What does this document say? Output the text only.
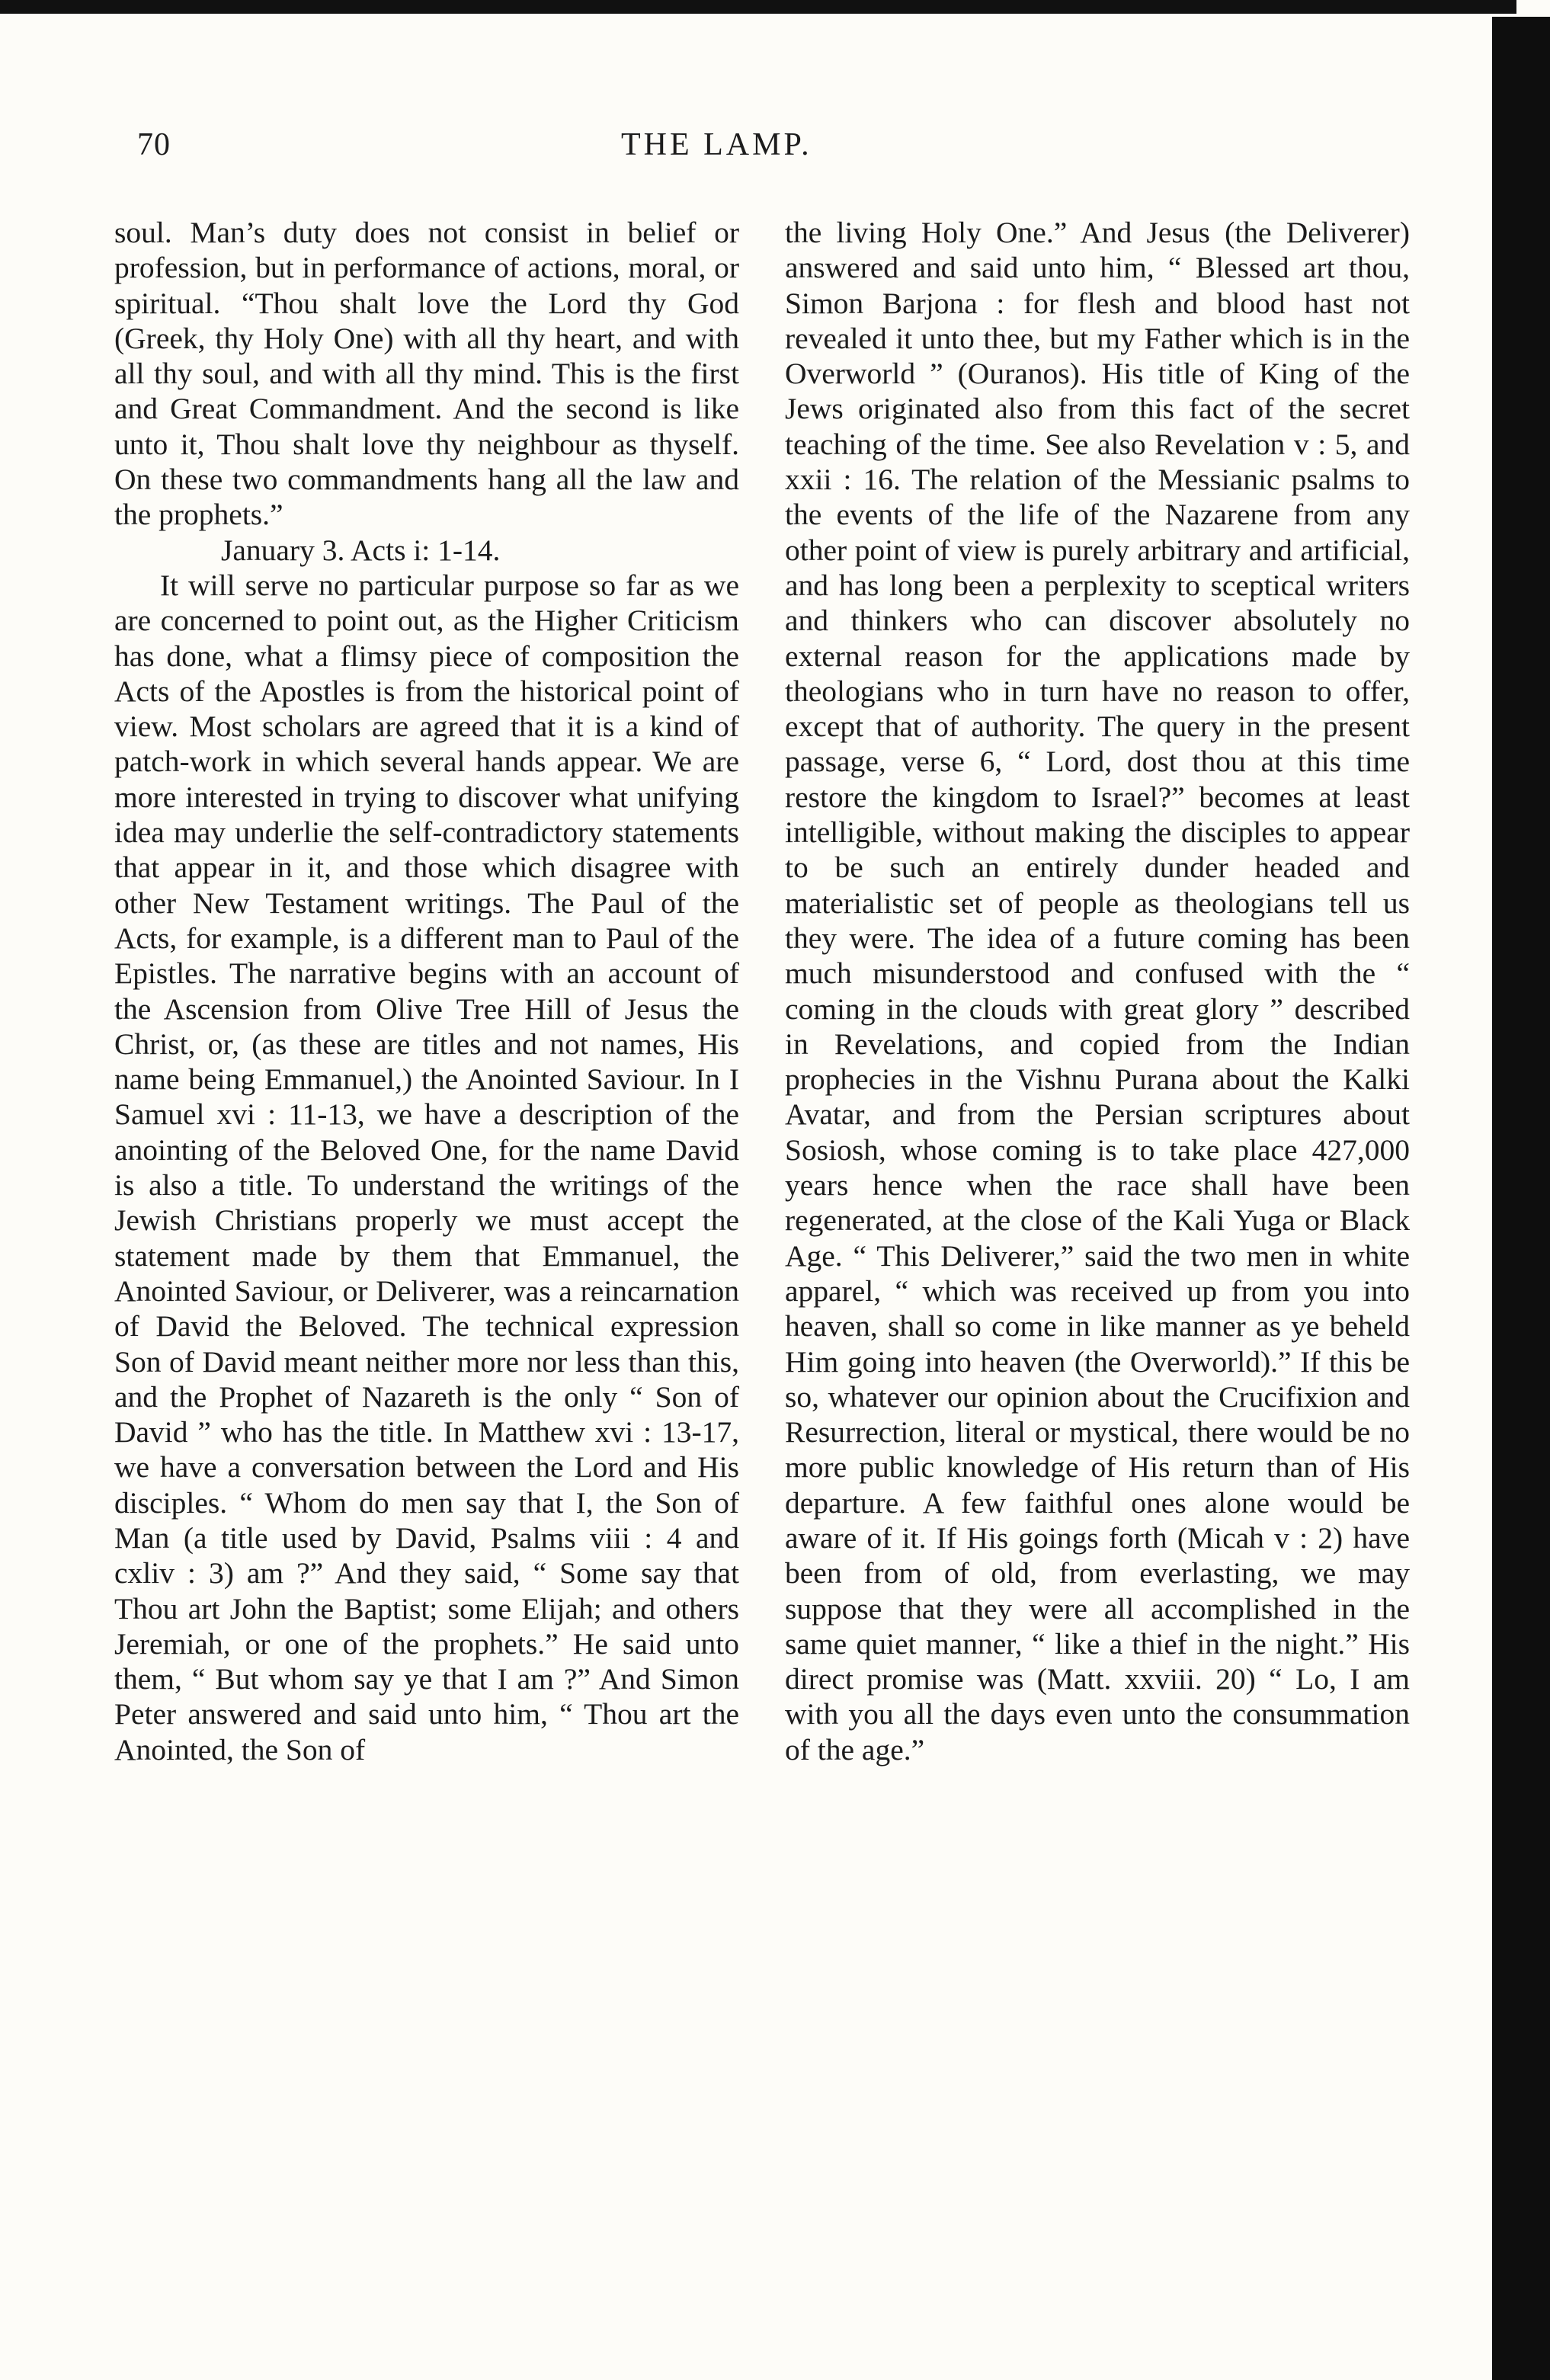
70	THE LAMP.

soul. Man’s duty does not consist in belief or profession, but in performance of actions, moral, or spiritual. “Thou shalt love the Lord thy God (Greek, thy Holy One) with all thy heart, and with all thy soul, and with all thy mind. This is the first and Great Commandment. And the second is like unto it, Thou shalt love thy neighbour as thyself. On these two commandments hang all the law and the prophets.”

January 3. Acts i: 1-14.

It will serve no particular purpose so far as we are concerned to point out, as the Higher Criticism has done, what a flimsy piece of composition the Acts of the Apostles is from the historical point of view. Most scholars are agreed that it is a kind of patch-work in which several hands appear. We are more interested in trying to discover what unifying idea may underlie the self-contradictory statements that appear in it, and those which disagree with other New Testament writings. The Paul of the Acts, for example, is a different man to Paul of the Epistles. The narrative begins with an account of the Ascension from Olive Tree Hill of Jesus the Christ, or, (as these are titles and not names, His name being Emmanuel,) the Anointed Saviour. In I Samuel xvi : 11-13, we have a description of the anointing of the Beloved One, for the name David is also a title. To understand the writings of the Jewish Christians properly we must accept the statement made by them that Emmanuel, the Anointed Saviour, or Deliverer, was a reincarnation of David the Beloved. The technical expression Son of David meant neither more nor less than this, and the Prophet of Nazareth is the only “ Son of David ” who has the title. In Matthew xvi : 13-17, we have a conversation between the Lord and His disciples. “ Whom do men say that I, the Son of Man (a title used by David, Psalms viii : 4 and cxliv : 3) am ?” And they said, “ Some say that Thou art John the Baptist; some Elijah; and others Jeremiah, or one of the prophets.” He said unto them, “ But whom say ye that I am ?” And Simon Peter answered and said unto him, “ Thou art the Anointed, the Son of

the living Holy One.” And Jesus (the Deliverer) answered and said unto him, “ Blessed art thou, Simon Barjona : for flesh and blood hast not revealed it unto thee, but my Father which is in the Overworld ” (Ouranos). His title of King of the Jews originated also from this fact of the secret teaching of the time. See also Revelation v : 5, and xxii : 16. The relation of the Messianic psalms to the events of the life of the Nazarene from any other point of view is purely arbitrary and artificial, and has long been a perplexity to sceptical writers and thinkers who can discover absolutely no external reason for the applications made by theologians who in turn have no reason to offer, except that of authority. The query in the present passage, verse 6, “ Lord, dost thou at this time restore the kingdom to Israel?” becomes at least intelligible, without making the disciples to appear to be such an entirely dunder headed and materialistic set of people as theologians tell us they were. The idea of a future coming has been much misunderstood and confused with the “ coming in the clouds with great glory ” described in Revelations, and copied from the Indian prophecies in the Vishnu Purana about the Kalki Avatar, and from the Persian scriptures about Sosiosh, whose coming is to take place 427,000 years hence when the race shall have been regenerated, at the close of the Kali Yuga or Black Age. “ This Deliverer,” said the two men in white apparel, “ which was received up from you into heaven, shall so come in like manner as ye beheld Him going into heaven (the Overworld).” If this be so, whatever our opinion about the Crucifixion and Resurrection, literal or mystical, there would be no more public knowledge of His return than of His departure. A few faithful ones alone would be aware of it. If His goings forth (Micah v : 2) have been from of old, from everlasting, we may suppose that they were all accomplished in the same quiet manner, “ like a thief in the night.” His direct promise was (Matt. xxviii. 20) “ Lo, I am with you all the days even unto the consummation of the age.”
